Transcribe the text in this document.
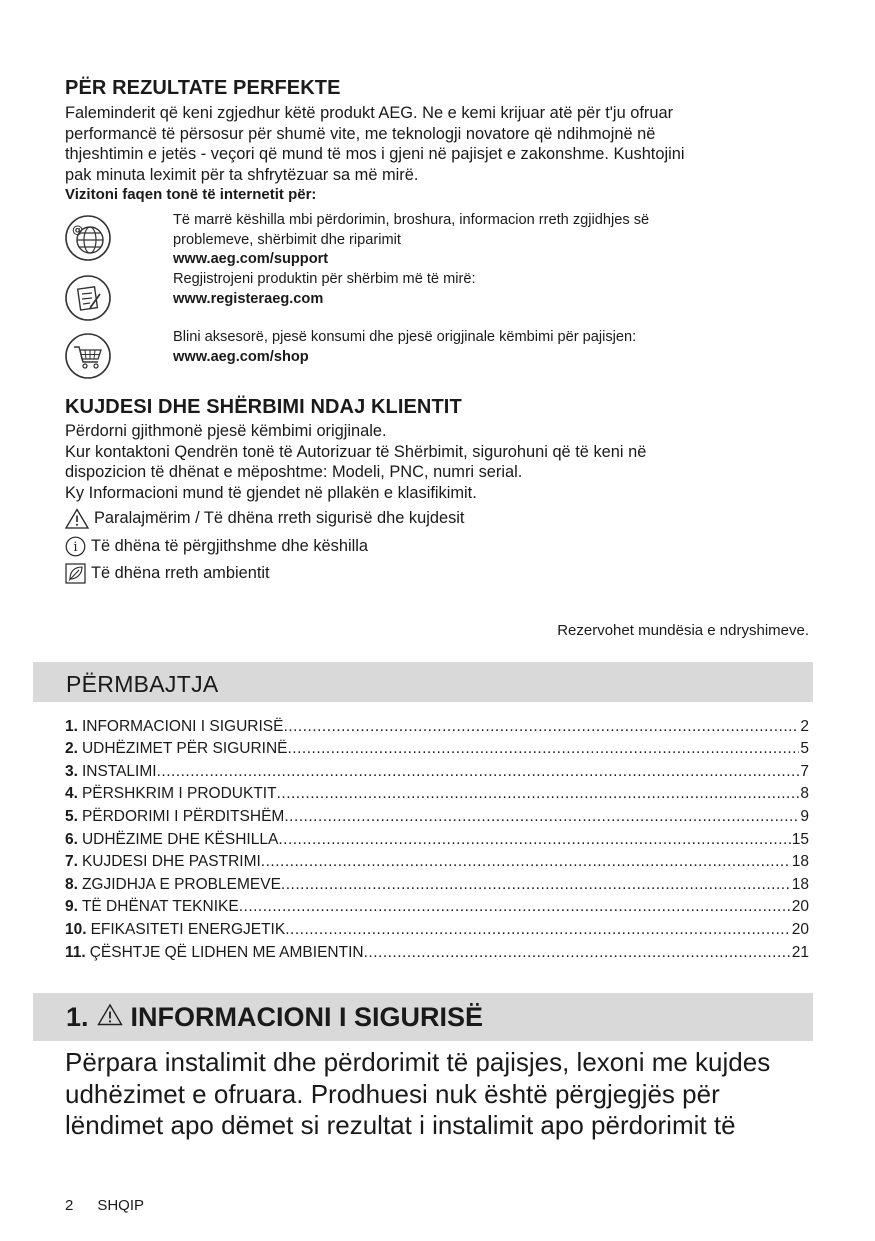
PËR REZULTATE PERFEKTE

Faleminderit që keni zgjedhur këtë produkt AEG. Ne e kemi krijuar atë për t'ju ofruar

performancë të përsosur për shumë vite, me teknologji novatore që ndihmojnë në

thjeshtimin e jetës - veçori që mund të mos i gjeni në pajisjet e zakonshme. Kushtojini

pak minuta leximit për ta shfrytëzuar sa më mirë.

Vizitoni faqen tonë të internetit për:

@
Të marrë këshilla mbi përdorimin, broshura, informacion rreth zgjidhjes së
problemeve, shërbimit dhe riparimit
www.aeg.com/support
Regjistrojeni produktin për shërbim më të mirë:
www.registeraeg.com
Blini aksesorë, pjesë konsumi dhe pjesë origjinale këmbimi për pajisjen:
www.aeg.com/shop
KUJDESI DHE SHËRBIMI NDAJ KLIENTIT

Përdorni gjithmonë pjesë këmbimi origjinale.

Kur kontaktoni Qendrën tonë të Autorizuar të Shërbimit, sigurohuni që të keni në

dispozicion të dhënat e mëposhtme: Modeli, PNC, numri serial.

Ky Informacioni mund të gjendet në pllakën e klasifikimit.

Paralajmërim / Të dhëna rreth sigurisë dhe kujdesit
i Të dhëna të përgjithshme dhe këshilla
Të dhëna rreth ambientit
Rezervohet mundësia e ndryshimeve.
PËRMBAJTJA
1. INFORMACIONI I SIGURISË .....	2
2. UDHËZIMET PËR SIGURINË .....	5
3. INSTALIMI .....	7
4. PËRSHKRIM I PRODUKTIT .....	8
5. PËRDORIMI I PËRDITSHËM .....	9
6. UDHËZIME DHE KËSHILLA .....	15
7. KUJDESI DHE PASTRIMI .....	18
8. ZGJIDHJA E PROBLEMEVE .....	18
9. TË DHËNAT TEKNIKE .....	20
10. EFIKASITETI ENERGJETIK .....	20
11. ÇËSHTJE QË LIDHEN ME AMBIENTIN .....	21
1. INFORMACIONI I SIGURISË
Përpara instalimit dhe përdorimit të pajisjes, lexoni me kujdes
udhëzimet e ofruara. Prodhuesi nuk është përgjegjës për
lëndimet apo dëmet si rezultat i instalimit apo përdorimit të
2 SHQIP
